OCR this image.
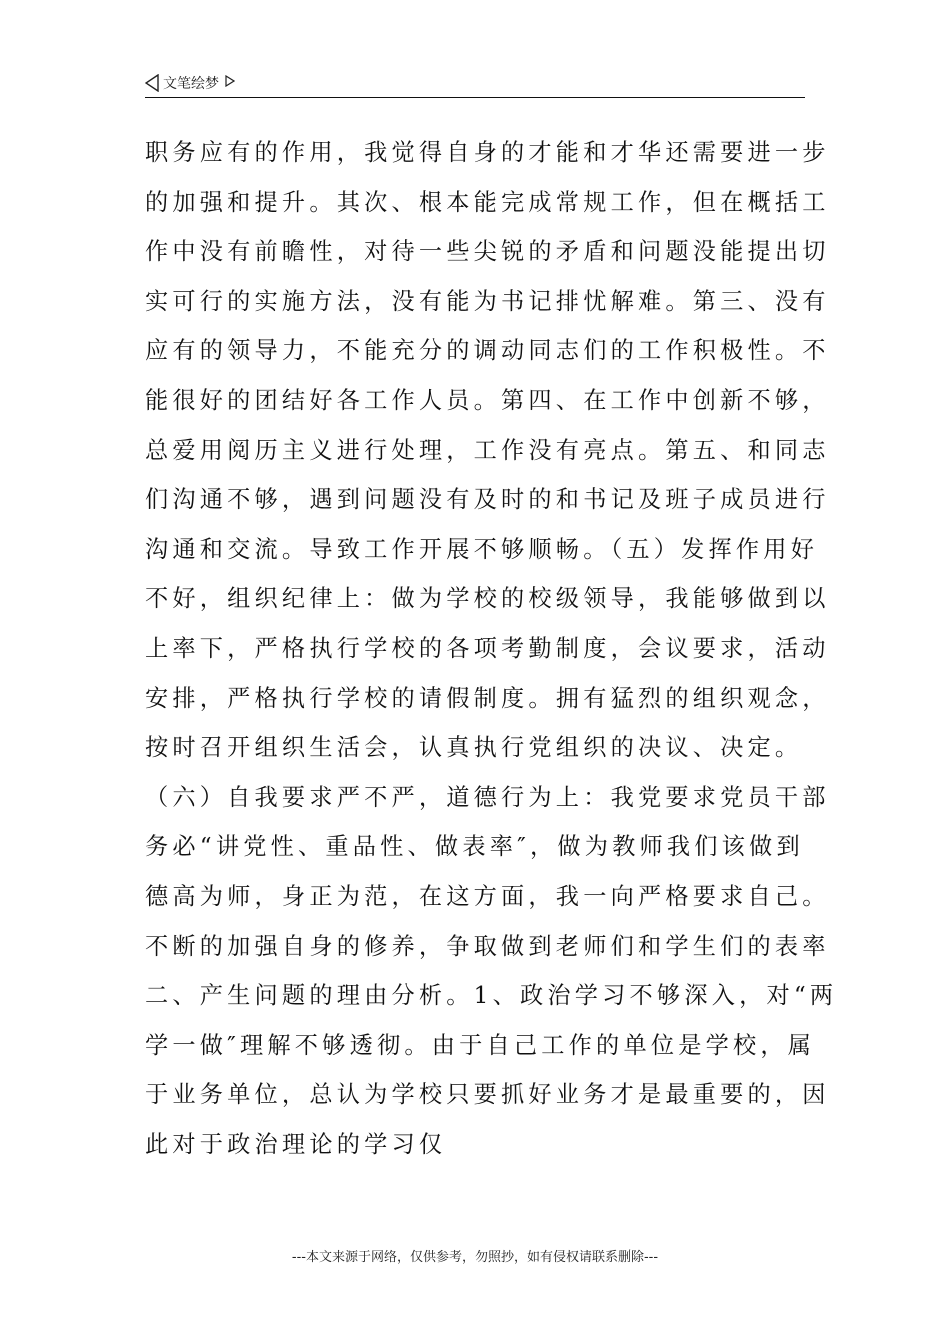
文笔绘梦
职务应有的作用，我觉得自身的才能和才华还需要进一步
的加强和提升。其次、根本能完成常规工作，但在概括工
作中没有前瞻性，对待一些尖锐的矛盾和问题没能提出切
实可行的实施方法，没有能为书记排忧解难。第三、没有
应有的领导力，不能充分的调动同志们的工作积极性。不
能很好的团结好各工作人员。第四、在工作中创新不够，
总爱用阅历主义进行处理，工作没有亮点。第五、和同志
们沟通不够，遇到问题没有及时的和书记及班子成员进行
沟通和交流。导致工作开展不够顺畅。（五）发挥作用好
不好，组织纪律上：做为学校的校级领导，我能够做到以
上率下，严格执行学校的各项考勤制度，会议要求，活动
安排，严格执行学校的请假制度。拥有猛烈的组织观念，
按时召开组织生活会，认真执行党组织的决议、决定。
（六）自我要求严不严，道德行为上：我党要求党员干部
务必“讲党性、重品性、做表率″，做为教师我们该做到
德高为师，身正为范，在这方面，我一向严格要求自己。
不断的加强自身的修养，争取做到老师们和学生们的表率
二、产生问题的理由分析。1、政治学习不够深入，对“两
学一做″理解不够透彻。由于自己工作的单位是学校，属
于业务单位，总认为学校只要抓好业务才是最重要的，因
此对于政治理论的学习仅
---本文来源于网络，仅供参考，勿照抄，如有侵权请联系删除---
